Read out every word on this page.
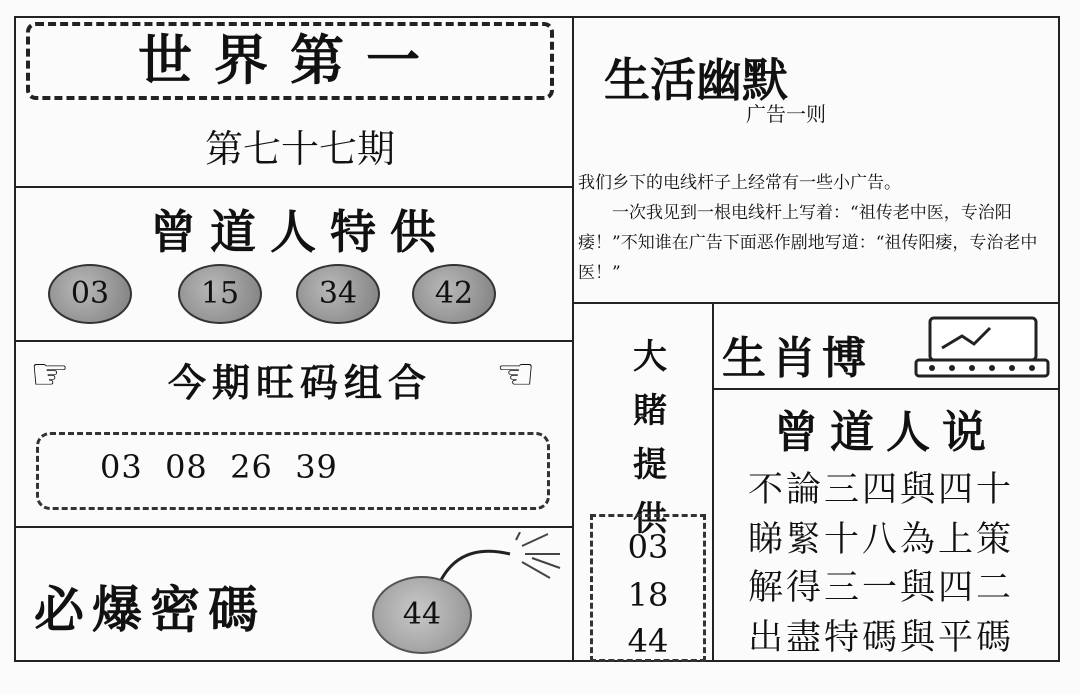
世界第一
第七十七期
曾道人特供
03	15	34	42
☞	今期旺码组合	☜
03  08  26  39
必爆密碼	44
生活幽默
广告一则
我们乡下的电线杆子上经常有一些小广告。
一次我见到一根电线杆上写着：“祖传老中医，专治阳痿！”不知谁在广告下面恶作剧地写道：“祖传阳痿，专治老中医！”
大
賭
提
供
03
18
44
生肖博
曾道人说
不論三四與四十
睇緊十八為上策
解得三一與四二
出盡特碼與平碼
